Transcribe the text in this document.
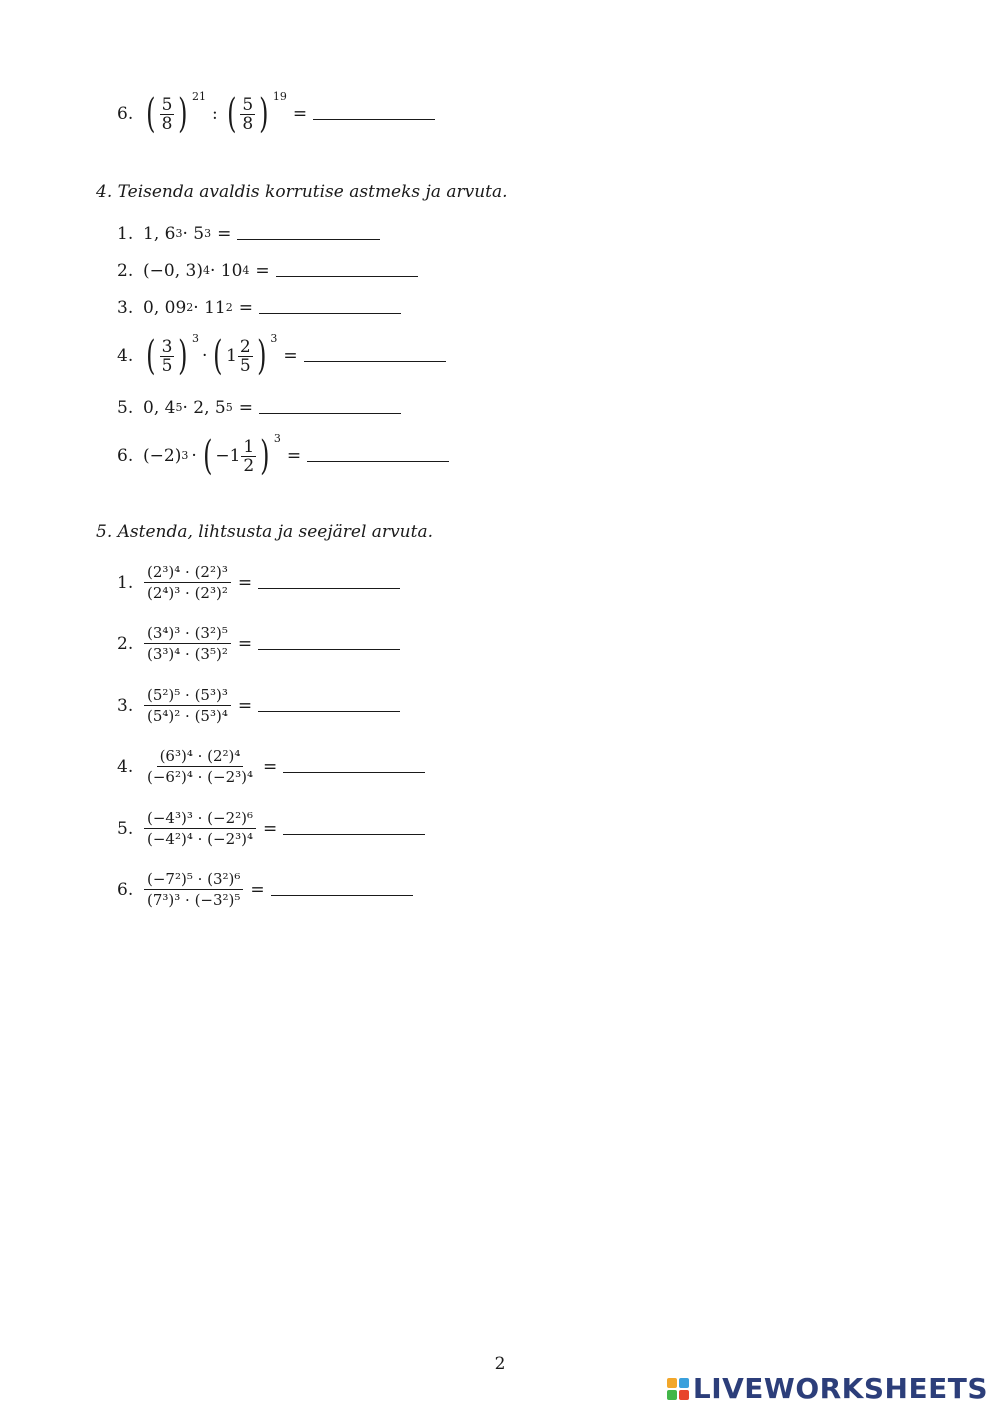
6. ( $\frac{5}{8}$ ) 21
: ( $\frac{5}{8}$ ) 19
=
4. Teisenda avaldis korrutise astmeks ja arvuta.
1. 1, 6 3 · 5 3 =
2. (−0, 3) 4 · 10 4 =
3. 0, 09 2 · 11 2 =
4. ( $\frac{3}{5}$ ) 3
· ( $1 \frac{2}{5}$ ) 3
=
5. 0, 4 5 · 2, 5 5 =
6. (−2) 3 · ( $-1 \frac{1}{2}$ ) 3
=
5. Astenda, lihtsusta ja seejärel arvuta.
1. $\frac{\text{(2³)⁴ · (2²)³}}{\text{(2⁴)³ · (2³)²}}$ =
2. $\frac{\text{(3⁴)³ · (3²)⁵}}{\text{(3³)⁴ · (3⁵)²}}$ =
3. $\frac{\text{(5²)⁵ · (5³)³}}{\text{(5⁴)² · (5³)⁴}}$ =
4. $\frac{\text{(6³)⁴ · (2²)⁴}}{\text{(−6²)⁴ · (−2³)⁴}}$ =
5. $\frac{\text{(−4³)³ · (−2²)⁶}}{\text{(−4²)⁴ · (−2³)⁴}}$ =
6. $\frac{\text{(−7²)⁵ · (3²)⁶}}{\text{(7³)³ · (−3²)⁵}}$ =
2
LIVEWORKSHEETS
